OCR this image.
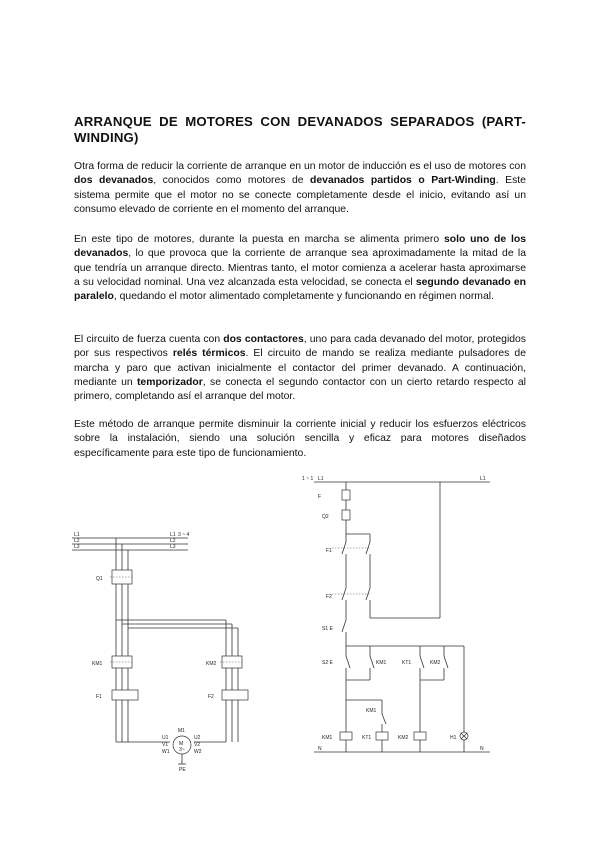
ARRANQUE DE MOTORES CON DEVANADOS SEPARADOS (PART-WINDING)

Otra forma de reducir la corriente de arranque en un motor de inducción es el uso de motores con dos devanados, conocidos como motores de devanados partidos o Part-Winding. Este sistema permite que el motor no se conecte completamente desde el inicio, evitando así un consumo elevado de corriente en el momento del arranque.

En este tipo de motores, durante la puesta en marcha se alimenta primero solo uno de los devanados, lo que provoca que la corriente de arranque sea aproximadamente la mitad de la que tendría un arranque directo. Mientras tanto, el motor comienza a acelerar hasta aproximarse a su velocidad nominal. Una vez alcanzada esta velocidad, se conecta el segundo devanado en paralelo, quedando el motor alimentado completamente y funcionando en régimen normal.

El circuito de fuerza cuenta con dos contactores, uno para cada devanado del motor, protegidos por sus respectivos relés térmicos. El circuito de mando se realiza mediante pulsadores de marcha y paro que activan inicialmente el contactor del primer devanado. A continuación, mediante un temporizador, se conecta el segundo contactor con un cierto retardo respecto al primero, completando así el arranque del motor.

Este método de arranque permite disminuir la corriente inicial y reducir los esfuerzos eléctricos sobre la instalación, siendo una solución sencilla y eficaz para motores diseñados específicamente para este tipo de funcionamiento.

L1
L2
L3
L1
L2
L3
3 ~ 4
Q1
KM1	KM2
F1	F2
M
3~
M1
U1
V1
W1
U2
V2
W2
PE
1 ~ 1 L1	L1
F
Q2
F1
F2
S1 E
S2 E	KM1	KT1	KM2
KM1
KM1	KT1	KM2	H1
N	N
